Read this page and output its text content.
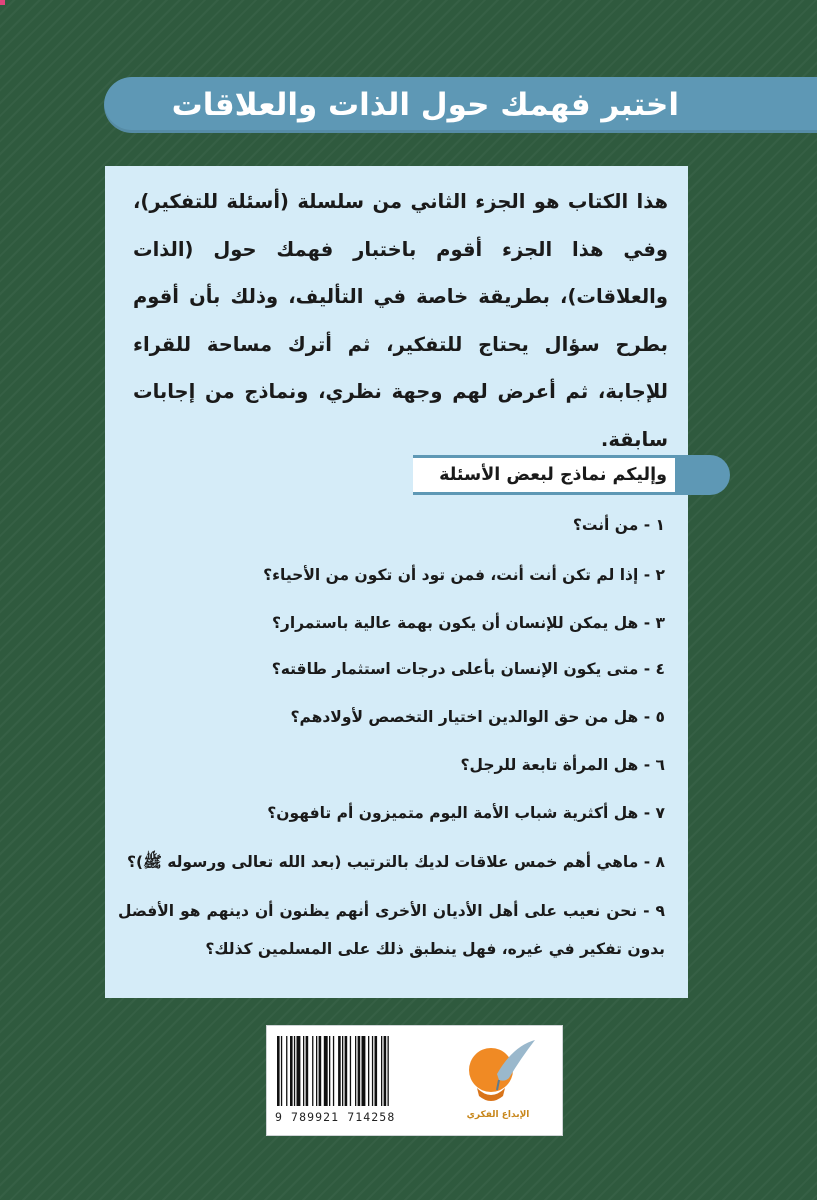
اختبر فهمك حول الذات والعلاقات

هذا الكتاب هو الجزء الثاني من سلسلة (أسئلة للتفكير)، وفي هذا الجزء أقوم باختبار فهمك حول (الذات والعلاقات)، بطريقة خاصة في التأليف، وذلك بأن أقوم بطرح سؤال يحتاج للتفكير، ثم أترك مساحة للقراء للإجابة، ثم أعرض لهم وجهة نظري، ونماذج من إجابات سابقة.

وإليكم نماذج لبعض الأسئلة

١ - من أنت؟

٢ - إذا لم تكن أنت أنت، فمن تود أن تكون من الأحياء؟

٣ - هل يمكن للإنسان أن يكون بهمة عالية باستمرار؟

٤ - متى يكون الإنسان بأعلى درجات استثمار طاقته؟

٥ - هل من حق الوالدين اختيار التخصص لأولادهم؟

٦ - هل المرأة تابعة للرجل؟

٧ - هل أكثرية شباب الأمة اليوم متميزون أم تافهون؟

٨ - ماهي أهم خمس علاقات لديك بالترتيب (بعد الله تعالى ورسوله ﷺ)؟

٩ - نحن نعيب على أهل الأديان الأخرى أنهم يظنون أن دينهم هو الأفضل بدون تفكير في غيره، فهل ينطبق ذلك على المسلمين كذلك؟

9 789921 714258	الإبداع الفكري
